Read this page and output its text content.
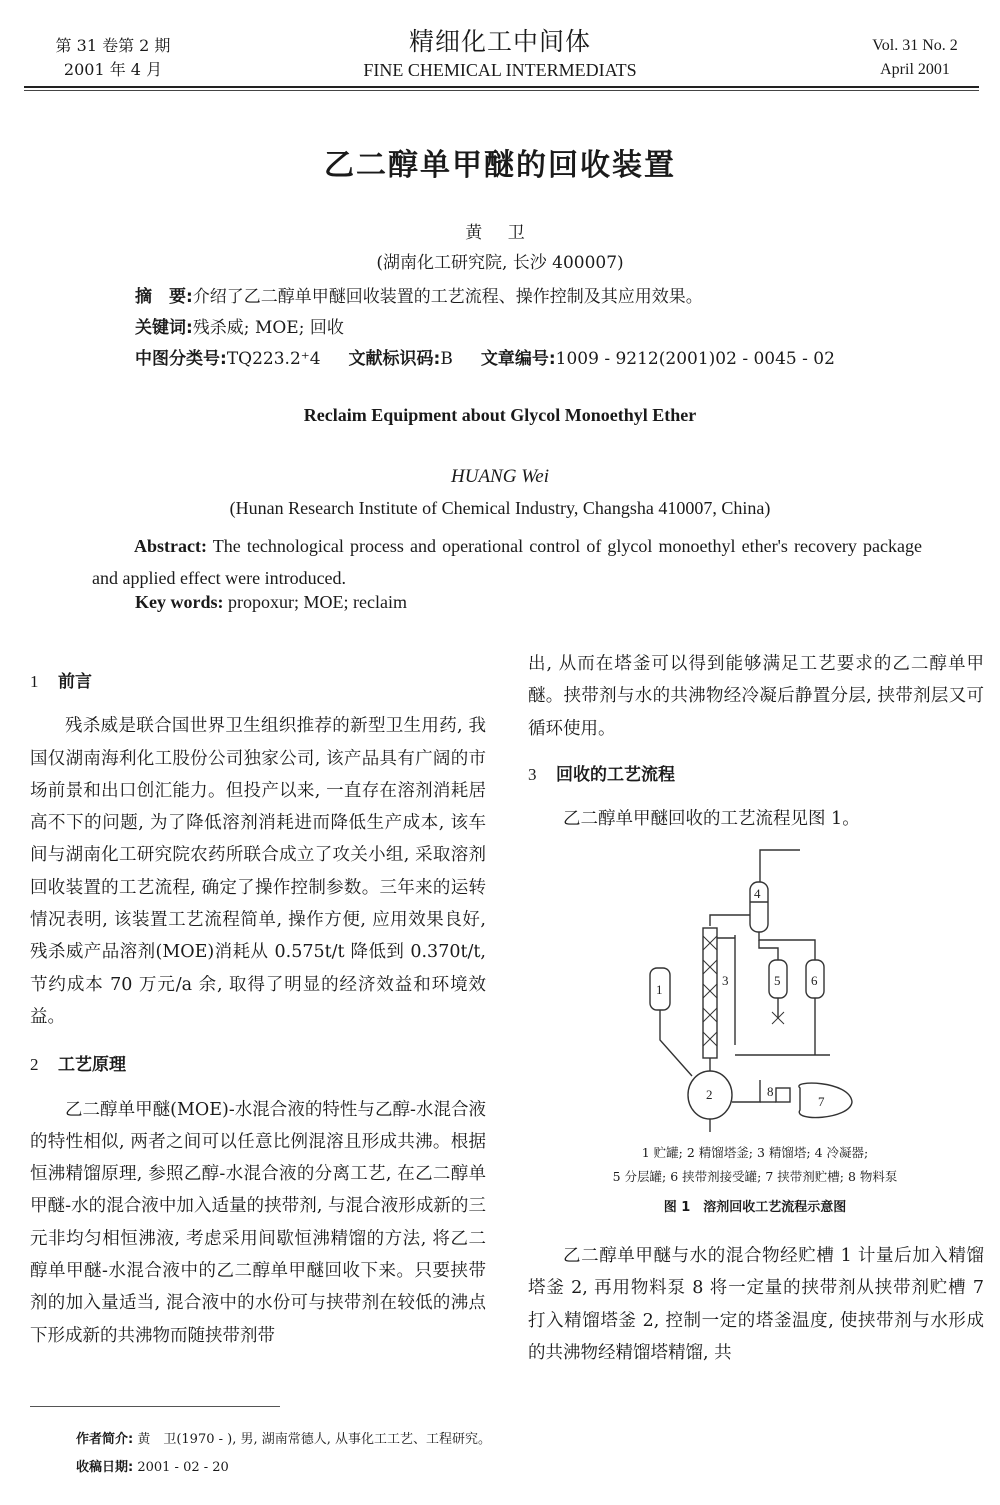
第 31 卷第 2 期
2001 年 4 月
精细化工中间体
FINE CHEMICAL INTERMEDIATS
Vol. 31 No. 2
April 2001
乙二醇单甲醚的回收装置
黄 卫
(湖南化工研究院, 长沙 400007)
摘　要:介绍了乙二醇单甲醚回收装置的工艺流程、操作控制及其应用效果。
关键词:残杀威; MOE; 回收
中图分类号:TQ223.2⁺4 文献标识码:B 文章编号:1009 - 9212(2001)02 - 0045 - 02
Reclaim Equipment about Glycol Monoethyl Ether
HUANG Wei
(Hunan Research Institute of Chemical Industry, Changsha 410007, China)
Abstract: The technological process and operational control of glycol monoethyl ether's recovery package and applied effect were introduced.
Key words: propoxur; MOE; reclaim
1 前言

残杀威是联合国世界卫生组织推荐的新型卫生用药, 我国仅湖南海利化工股份公司独家公司, 该产品具有广阔的市场前景和出口创汇能力。但投产以来, 一直存在溶剂消耗居高不下的问题, 为了降低溶剂消耗进而降低生产成本, 该车间与湖南化工研究院农药所联合成立了攻关小组, 采取溶剂回收装置的工艺流程, 确定了操作控制参数。三年来的运转情况表明, 该装置工艺流程简单, 操作方便, 应用效果良好, 残杀威产品溶剂(MOE)消耗从 0.575t/t 降低到 0.370t/t, 节约成本 70 万元/a 余, 取得了明显的经济效益和环境效益。

2 工艺原理

乙二醇单甲醚(MOE)-水混合液的特性与乙醇-水混合液的特性相似, 两者之间可以任意比例混溶且形成共沸。根据恒沸精馏原理, 参照乙醇-水混合液的分离工艺, 在乙二醇单甲醚-水的混合液中加入适量的挟带剂, 与混合液形成新的三元非均匀相恒沸液, 考虑采用间歇恒沸精馏的方法, 将乙二醇单甲醚-水混合液中的乙二醇单甲醚回收下来。只要挟带剂的加入量适当, 混合液中的水份可与挟带剂在较低的沸点下形成新的共沸物而随挟带剂带

出, 从而在塔釜可以得到能够满足工艺要求的乙二醇单甲醚。挟带剂与水的共沸物经冷凝后静置分层, 挟带剂层又可循环使用。

3 回收的工艺流程

乙二醇单甲醚回收的工艺流程见图 1。

1
2
3
4
5 6
7
8
1 贮罐; 2 精馏塔釜; 3 精馏塔; 4 冷凝器;
5 分层罐; 6 挟带剂接受罐; 7 挟带剂贮槽; 8 物料泵
图 1　溶剂回收工艺流程示意图

乙二醇单甲醚与水的混合物经贮槽 1 计量后加入精馏塔釜 2, 再用物料泵 8 将一定量的挟带剂从挟带剂贮槽 7 打入精馏塔釜 2, 控制一定的塔釜温度, 使挟带剂与水形成的共沸物经精馏塔精馏, 共

作者简介: 黄　卫(1970 - ), 男, 湖南常德人, 从事化工工艺、工程研究。
收稿日期: 2001 - 02 - 20
